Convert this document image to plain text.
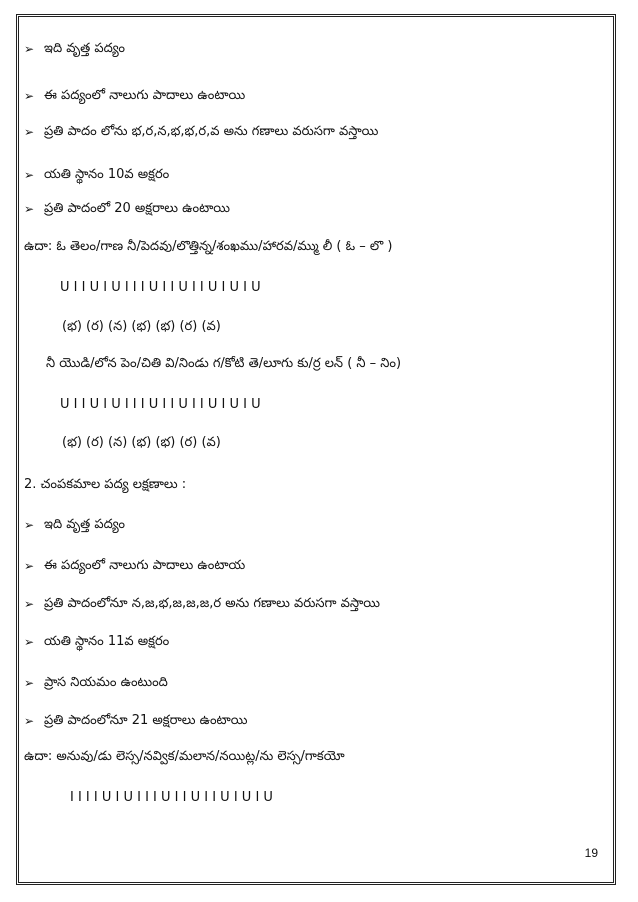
➢ ఇది వృత్త పద్యం
➢ ఈ పద్యంలో నాలుగు పాదాలు ఉంటాయి
➢ ప్రతి పాదం లోను భ,ర,న,భ,భ,ర,వ అను గణాలు వరుసగా వస్తాయి
➢ యతి స్థానం 10వ అక్షరం
➢ ప్రతి పాదంలో 20 అక్షరాలు ఉంటాయి
ఉదా: ఓ తెలం/గాణ నీ/పెదవు/లొత్తిన్న/శంఖము/హారవ/మ్ము లీ ( ఓ – లొ )
U I I U I U I I I U I I U I I U I U I U
(భ) (ర) (న) (భ) (భ) (ర) (వ)
నీ యొడి/లోన పెం/చితి వి/నిండు గ/కోటి తె/లూగు కు/ర్ర లన్ ( నీ – నిం)
U I I U I U I I I U I I U I I U I U I U
(భ) (ర) (న) (భ) (భ) (ర) (వ)
2. చంపకమాల పద్య లక్షణాలు :
➢ ఇది వృత్త పద్యం
➢ ఈ పద్యంలో నాలుగు పాదాలు ఉంటాయ
➢ ప్రతి పాదంలోనూ న,జ,భ,జ,జ,జ,ర అను గణాలు వరుసగా వస్తాయి
➢ యతి స్థానం 11వ అక్షరం
➢ ప్రాస నియమం ఉంటుంది
➢ ప్రతి పాదంలోనూ 21 అక్షరాలు ఉంటాయి
ఉదా: అనువు/డు లెస్స/నవ్విక/మలాన/నయిట్ల/ను లెస్స/గాకయో
I I I I U I U I I I U I I U I I U I U I U
19
